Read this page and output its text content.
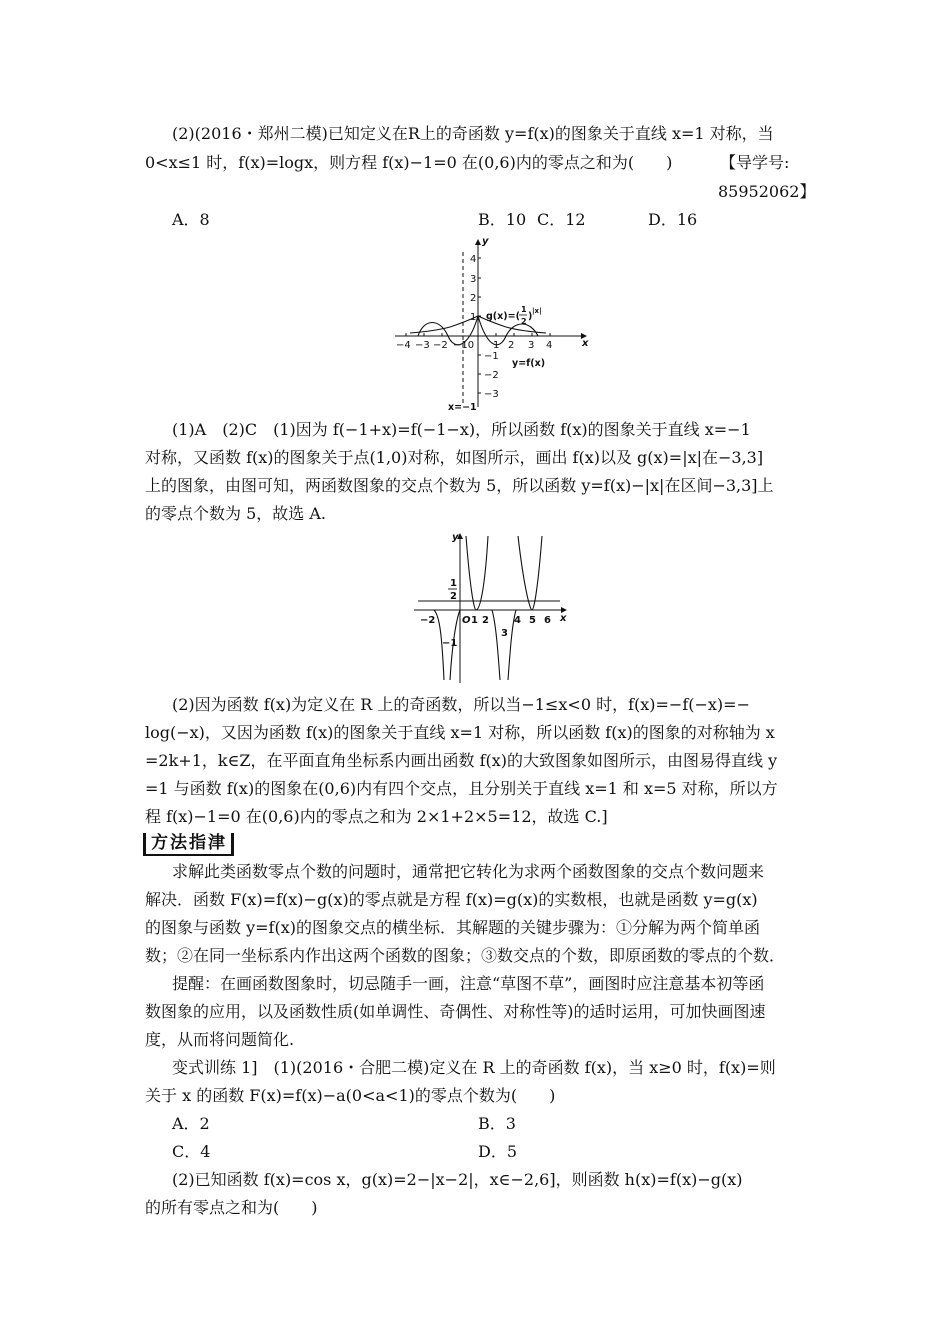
(2)(2016・郑州二模)已知定义在R上的奇函数 y=f(x)的图象关于直线 x=1 对称，当
0<x≤1 时，f(x)=logx，则方程 f(x)−1=0 在(0,6)内的零点之和为(　　)	【导学号:
85952062】
A．8	B．10 C．12	D．16
−4 −3 −2 −10 1 2 3 4
4
3
2
1
−1
−2
−3
x
y
g(x)=(
1
2 ) |x|
y=f(x)
x=−1
(1)A　(2)C　(1)因为 f(−1+x)=f(−1−x)，所以函数 f(x)的图象关于直线 x=−1
对称，又函数 f(x)的图象关于点(1,0)对称，如图所示，画出 f(x)以及 g(x)=|x|在−3,3]
上的图象，由图可知，两函数图象的交点个数为 5，所以函数 y=f(x)−|x|在区间−3,3]上
的零点个数为 5，故选 A.
1
2
−2	O 1 2	4 5 6
−1
3
x
y
(2)因为函数 f(x)为定义在 R 上的奇函数，所以当−1≤x<0 时，f(x)=−f(−x)=−
log(−x)，又因为函数 f(x)的图象关于直线 x=1 对称，所以函数 f(x)的图象的对称轴为 x
=2k+1，k∈Z，在平面直角坐标系内画出函数 f(x)的大致图象如图所示，由图易得直线 y
=1 与函数 f(x)的图象在(0,6)内有四个交点，且分别关于直线 x=1 和 x=5 对称，所以方
程 f(x)−1=0 在(0,6)内的零点之和为 2×1+2×5=12，故选 C.]
方法指津
求解此类函数零点个数的问题时，通常把它转化为求两个函数图象的交点个数问题来
解决．函数 F(x)=f(x)−g(x)的零点就是方程 f(x)=g(x)的实数根，也就是函数 y=g(x)
的图象与函数 y=f(x)的图象交点的横坐标．其解题的关键步骤为：①分解为两个简单函
数；②在同一坐标系内作出这两个函数的图象；③数交点的个数，即原函数的零点的个数．
提醒：在画函数图象时，切忌随手一画，注意“草图不草”，画图时应注意基本初等函
数图象的应用，以及函数性质(如单调性、奇偶性、对称性等)的适时运用，可加快画图速
度，从而将问题简化.
变式训练 1]　(1)(2016・合肥二模)定义在 R 上的奇函数 f(x)，当 x≥0 时，f(x)=则
关于 x 的函数 F(x)=f(x)−a(0<a<1)的零点个数为(　　)
A．2	B．3
C．4	D．5
(2)已知函数 f(x)=cos x，g(x)=2−|x−2|，x∈−2,6]，则函数 h(x)=f(x)−g(x)
的所有零点之和为(　　)
